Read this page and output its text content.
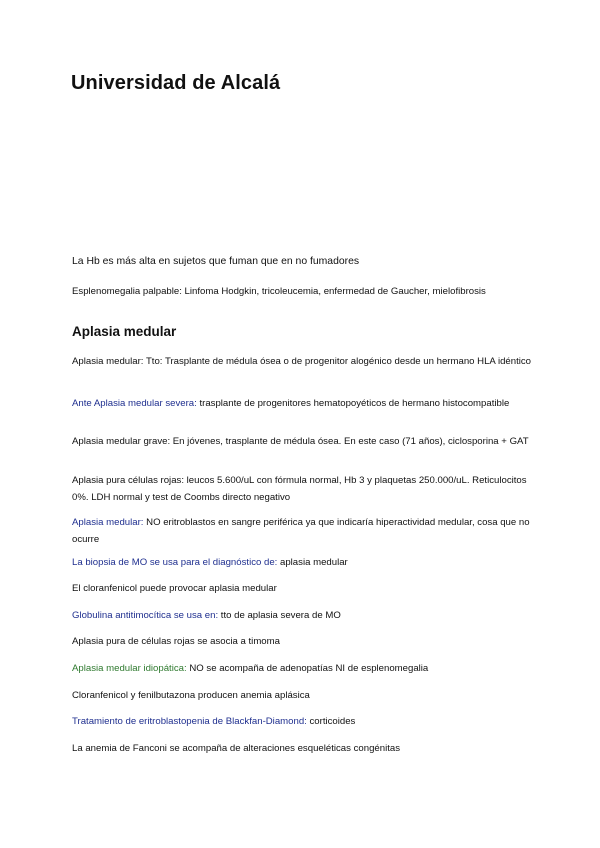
Universidad de Alcalá

La Hb es más alta en sujetos que fuman que en no fumadores

Esplenomegalia palpable: Linfoma Hodgkin, tricoleucemia, enfermedad de Gaucher, mielofibrosis

Aplasia medular

Aplasia medular: Tto: Trasplante de médula ósea o de progenitor alogénico desde un hermano HLA idéntico

Ante Aplasia medular severa: trasplante de progenitores hematopoyéticos de hermano histocompatible

Aplasia medular grave: En jóvenes, trasplante de médula ósea. En este caso (71 años), ciclosporina + GAT

Aplasia pura células rojas: leucos 5.600/uL con fórmula normal, Hb 3 y plaquetas 250.000/uL. Reticulocitos 0%. LDH normal y test de Coombs directo negativo

Aplasia medular: NO eritroblastos en sangre periférica ya que indicaría hiperactividad medular, cosa que no ocurre

La biopsia de MO se usa para el diagnóstico de: aplasia medular

El cloranfenicol puede provocar aplasia medular

Globulina antitimocítica se usa en: tto de aplasia severa de MO

Aplasia pura de células rojas se asocia a timoma

Aplasia medular idiopática: NO se acompaña de adenopatías NI de esplenomegalia

Cloranfenicol y fenilbutazona producen anemia aplásica

Tratamiento de eritroblastopenia de Blackfan-Diamond: corticoides

La anemia de Fanconi se acompaña de alteraciones esqueléticas congénitas
